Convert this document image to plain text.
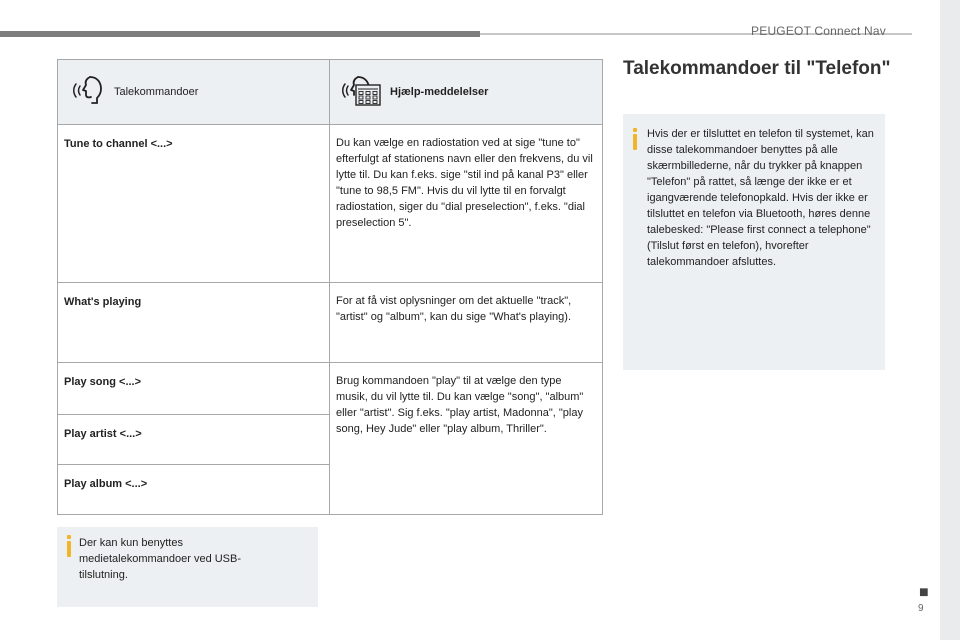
PEUGEOT Connect Nav
Talekommandoer	Hjælp-meddelelser

Tune to channel <...>	Du kan vælge en radiostation ved at sige "tune to" efterfulgt af stationens navn eller den frekvens, du vil lytte til. Du kan f.eks. sige "stil ind på kanal P3" eller "tune to 98,5 FM". Hvis du vil lytte til en forvalgt radiostation, siger du "dial preselection", f.eks. "dial preselection 5".
What's playing	For at få vist oplysninger om det aktuelle "track", "artist" og "album", kan du sige "What's playing).
Play song <...>	Brug kommandoen "play" til at vælge den type musik, du vil lytte til. Du kan vælge "song", "album" eller "artist". Sig f.eks. "play artist, Madonna", "play song, Hey Jude" eller "play album, Thriller".
Play artist <...>	
Play album <...>	
Der kan kun benyttes medietalekommandoer ved USB-tilslutning.
Talekommandoer til "Telefon"
Hvis der er tilsluttet en telefon til systemet, kan disse talekommandoer benyttes på alle skærmbillederne, når du trykker på knappen "Telefon" på rattet, så længe der ikke er et igangværende telefonopkald. Hvis der ikke er tilsluttet en telefon via Bluetooth, høres denne talebesked: "Please first connect a telephone" (Tilslut først en telefon), hvorefter talekommandoer afsluttes.
■
9
